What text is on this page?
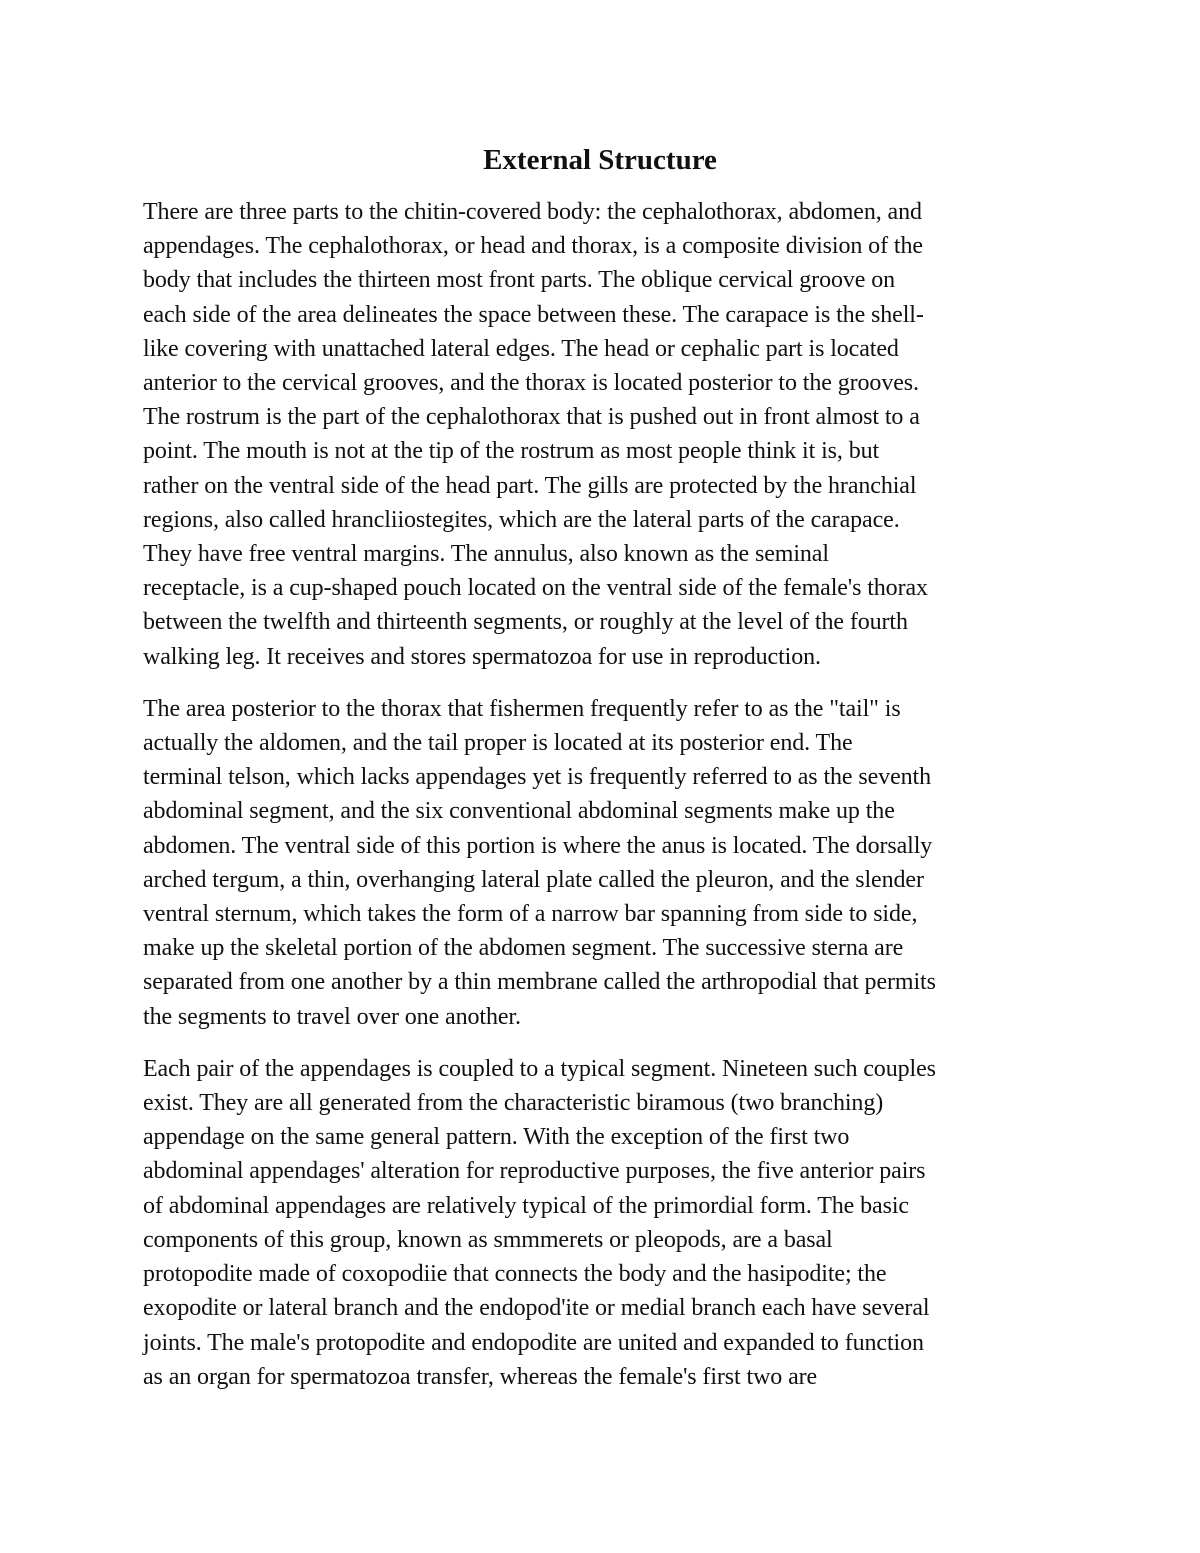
External Structure
There are three parts to the chitin-covered body: the cephalothorax, abdomen, and
appendages. The cephalothorax, or head and thorax, is a composite division of the
body that includes the thirteen most front parts. The oblique cervical groove on
each side of the area delineates the space between these. The carapace is the shell-
like covering with unattached lateral edges. The head or cephalic part is located
anterior to the cervical grooves, and the thorax is located posterior to the grooves.
The rostrum is the part of the cephalothorax that is pushed out in front almost to a
point. The mouth is not at the tip of the rostrum as most people think it is, but
rather on the ventral side of the head part. The gills are protected by the hranchial
regions, also called hrancliiostegites, which are the lateral parts of the carapace.
They have free ventral margins. The annulus, also known as the seminal
receptacle, is a cup-shaped pouch located on the ventral side of the female's thorax
between the twelfth and thirteenth segments, or roughly at the level of the fourth
walking leg. It receives and stores spermatozoa for use in reproduction.
The area posterior to the thorax that fishermen frequently refer to as the "tail" is
actually the aldomen, and the tail proper is located at its posterior end. The
terminal telson, which lacks appendages yet is frequently referred to as the seventh
abdominal segment, and the six conventional abdominal segments make up the
abdomen. The ventral side of this portion is where the anus is located. The dorsally
arched tergum, a thin, overhanging lateral plate called the pleuron, and the slender
ventral sternum, which takes the form of a narrow bar spanning from side to side,
make up the skeletal portion of the abdomen segment. The successive sterna are
separated from one another by a thin membrane called the arthropodial that permits
the segments to travel over one another.
Each pair of the appendages is coupled to a typical segment. Nineteen such couples
exist. They are all generated from the characteristic biramous (two branching)
appendage on the same general pattern. With the exception of the first two
abdominal appendages' alteration for reproductive purposes, the five anterior pairs
of abdominal appendages are relatively typical of the primordial form. The basic
components of this group, known as smmmerets or pleopods, are a basal
protopodite made of coxopodiie that connects the body and the hasipodite; the
exopodite or lateral branch and the endopod'ite or medial branch each have several
joints. The male's protopodite and endopodite are united and expanded to function
as an organ for spermatozoa transfer, whereas the female's first two are
